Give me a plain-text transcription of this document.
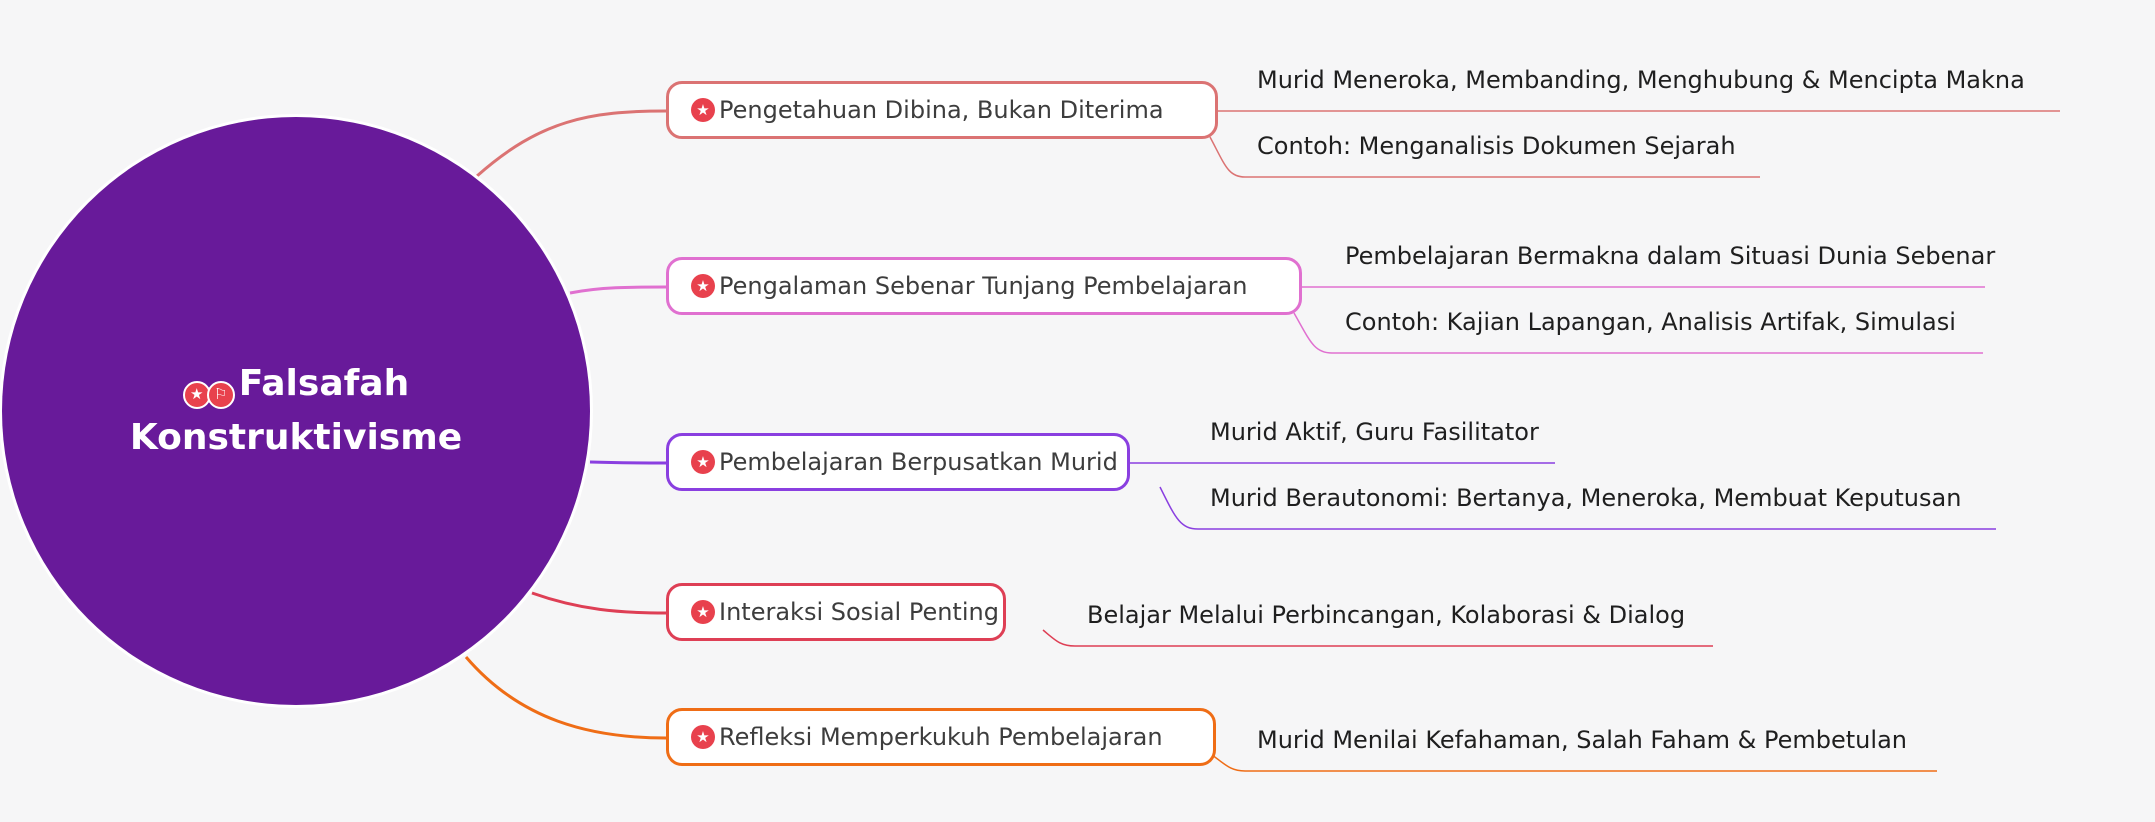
★ ⚐ Falsafah
Konstruktivisme
★ Pengetahuan Dibina, Bukan Diterima
Murid Meneroka, Membanding, Menghubung & Mencipta Makna
Contoh: Menganalisis Dokumen Sejarah
★ Pengalaman Sebenar Tunjang Pembelajaran
Pembelajaran Bermakna dalam Situasi Dunia Sebenar
Contoh: Kajian Lapangan, Analisis Artifak, Simulasi
★ Pembelajaran Berpusatkan Murid
Murid Aktif, Guru Fasilitator
Murid Berautonomi: Bertanya, Meneroka, Membuat Keputusan
★ Interaksi Sosial Penting	Belajar Melalui Perbincangan, Kolaborasi & Dialog
★ Refleksi Memperkukuh Pembelajaran	Murid Menilai Kefahaman, Salah Faham & Pembetulan
